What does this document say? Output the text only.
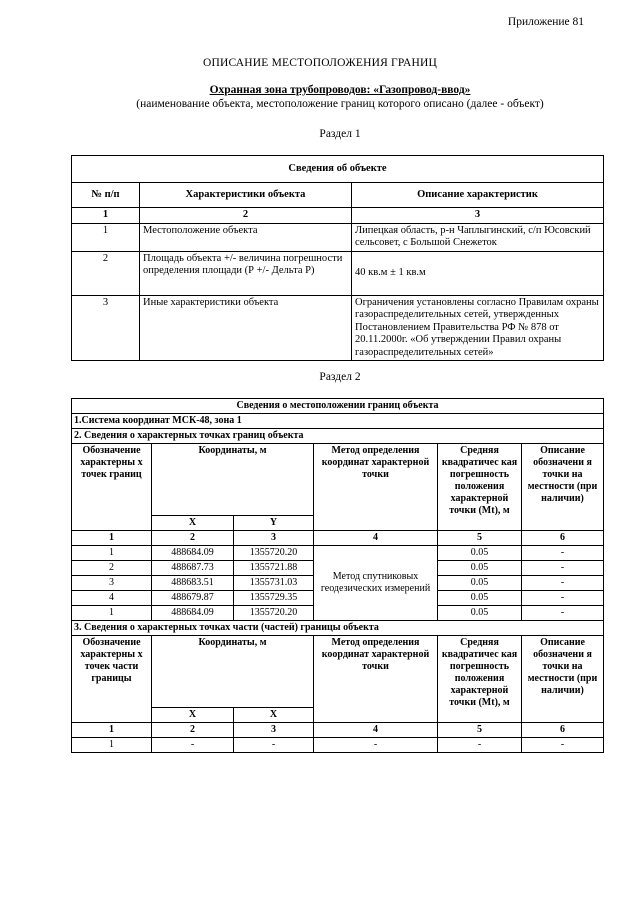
Приложение 81
ОПИСАНИЕ МЕСТОПОЛОЖЕНИЯ ГРАНИЦ
Охранная зона трубопроводов: «Газопровод-ввод»
(наименование объекта, местоположение границ которого описано (далее - объект)
Раздел 1
Сведения об объекте		
№ п/п	Характеристики объекта	Описание характеристик
1	2	3
1	Местоположение объекта	Липецкая область, р-н Чаплыгинский, с/п Юсовский сельсовет, с Большой Снежеток
2	Площадь объекта +/- величина погрешности определения площади (Р +/- Дельта Р)	40 кв.м ± 1 кв.м
3	Иные характеристики объекта	Ограничения установлены согласно Правилам охраны газораспределительных сетей, утвержденных Постановлением Правительства РФ № 878 от 20.11.2000г. «Об утверждении Правил охраны газораспределительных сетей»
Раздел 2
Сведения о местоположении границ объекта					
1.Система координат МСК-48, зона 1					
2. Сведения о характерных точках границ объекта					
Обозначение характерны х точек границ	Координаты, м		Метод определения координат характерной точки	Средняя квадратичес кая погрешность положения характерной точки (Mt), м	Описание обозначени я точки на местности (при наличии)
	X	Y			
1	2	3	4	5	6
1	488684.09	1355720.20	Метод спутниковых геодезических измерений	0.05	-
2	488687.73	1355721.88		0.05	-
3	488683.51	1355731.03		0.05	-
4	488679.87	1355729.35		0.05	-
1	488684.09	1355720.20		0.05	-
3. Сведения о характерных точках части (частей) границы объекта					
Обозначение характерны х точек части границы	Координаты, м		Метод определения координат характерной точки	Средняя квадратичес кая погрешность положения характерной точки (Mt), м	Описание обозначени я точки на местности (при наличии)
	X	X			
1	2	3	4	5	6
1	-	-	-	-	-
